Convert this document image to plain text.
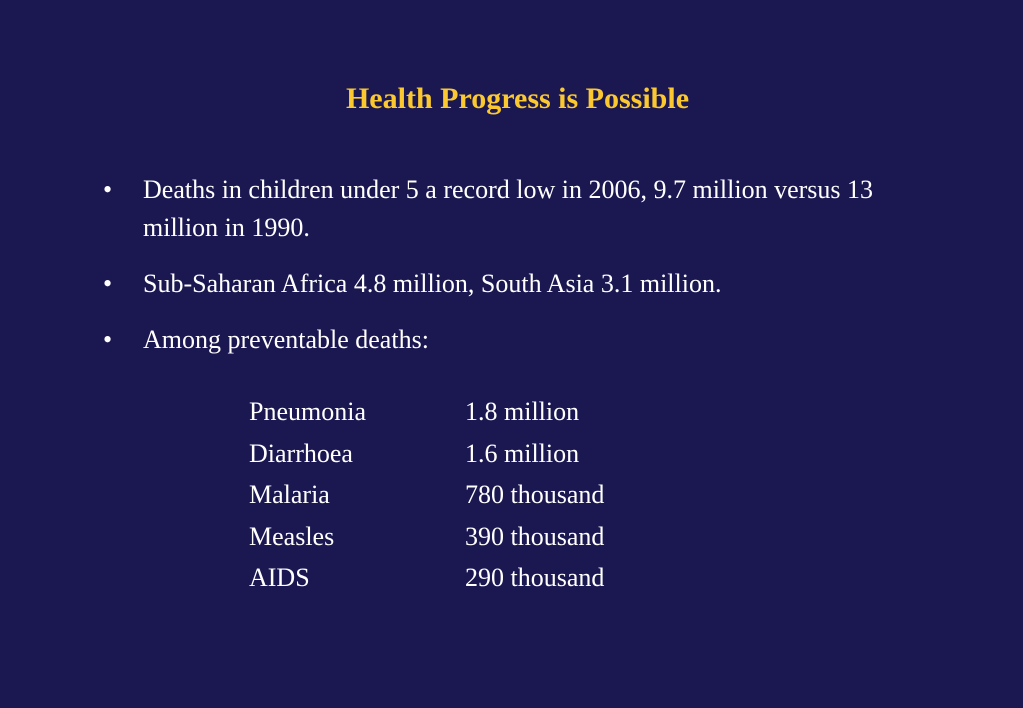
Health Progress is Possible
• Deaths in children under 5 a record low in 2006, 9.7 million versus 13 million in 1990.
• Sub-Saharan Africa 4.8 million, South Asia 3.1 million.
• Among preventable deaths:
Pneumonia	1.8 million
Diarrhoea	1.6 million
Malaria	780 thousand
Measles	390 thousand
AIDS	290 thousand
